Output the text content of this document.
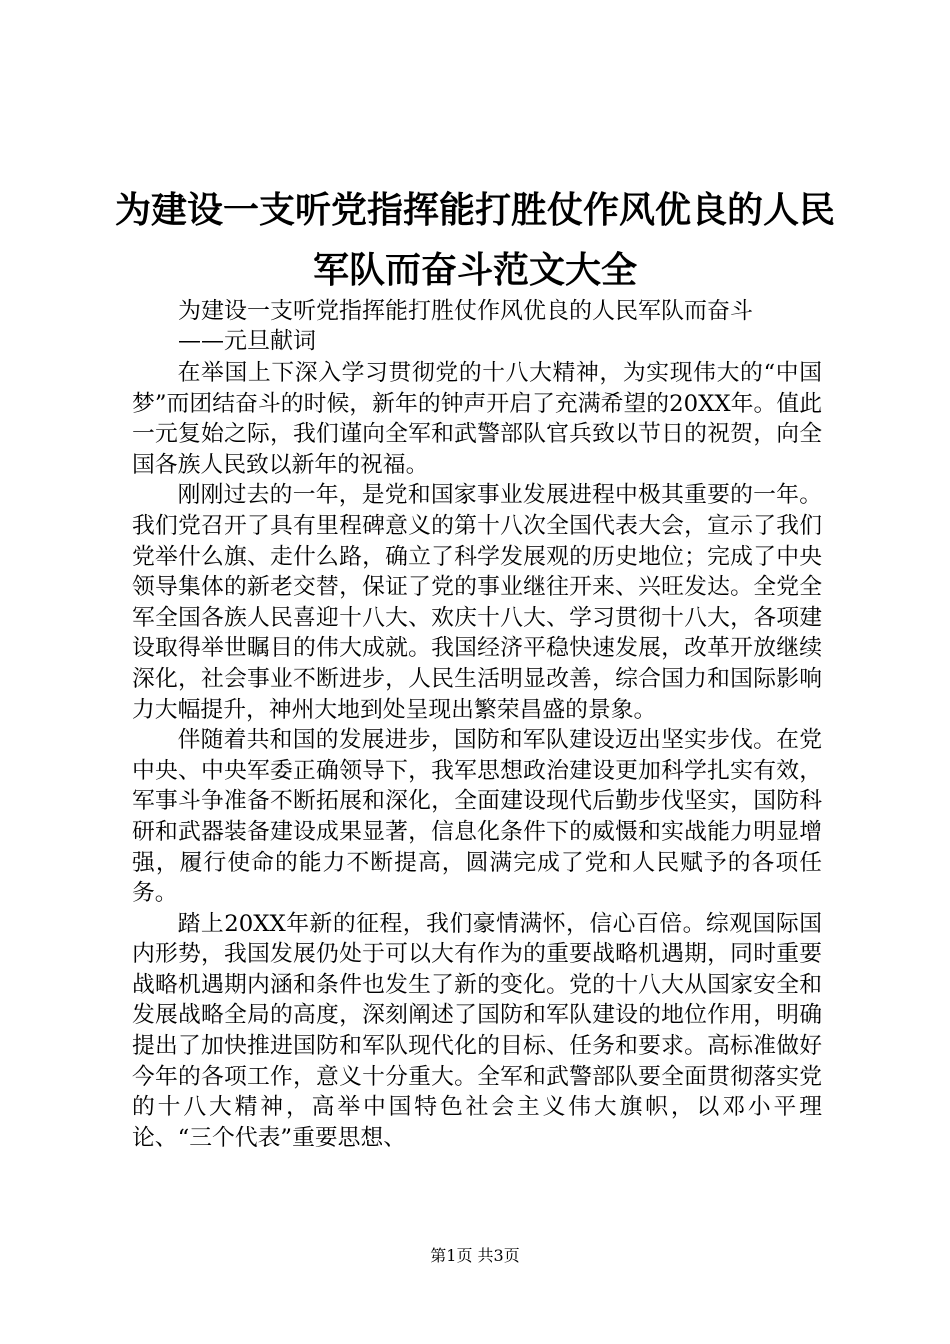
为建设一支听党指挥能打胜仗作风优良的人民
军队而奋斗范文大全
为建设一支听党指挥能打胜仗作风优良的人民军队而奋斗
——元旦献词

在举国上下深入学习贯彻党的十八大精神，为实现伟大的“中国梦”而团结奋斗的时候，新年的钟声开启了充满希望的20XX年。值此一元复始之际，我们谨向全军和武警部队官兵致以节日的祝贺，向全国各族人民致以新年的祝福。

刚刚过去的一年，是党和国家事业发展进程中极其重要的一年。我们党召开了具有里程碑意义的第十八次全国代表大会，宣示了我们党举什么旗、走什么路，确立了科学发展观的历史地位；完成了中央领导集体的新老交替，保证了党的事业继往开来、兴旺发达。全党全军全国各族人民喜迎十八大、欢庆十八大、学习贯彻十八大，各项建设取得举世瞩目的伟大成就。我国经济平稳快速发展，改革开放继续深化，社会事业不断进步，人民生活明显改善，综合国力和国际影响力大幅提升，神州大地到处呈现出繁荣昌盛的景象。

伴随着共和国的发展进步，国防和军队建设迈出坚实步伐。在党中央、中央军委正确领导下，我军思想政治建设更加科学扎实有效，军事斗争准备不断拓展和深化，全面建设现代后勤步伐坚实，国防科研和武器装备建设成果显著，信息化条件下的威慑和实战能力明显增强，履行使命的能力不断提高，圆满完成了党和人民赋予的各项任务。

踏上20XX年新的征程，我们豪情满怀，信心百倍。综观国际国内形势，我国发展仍处于可以大有作为的重要战略机遇期，同时重要战略机遇期内涵和条件也发生了新的变化。党的十八大从国家安全和发展战略全局的高度，深刻阐述了国防和军队建设的地位作用，明确提出了加快推进国防和军队现代化的目标、任务和要求。高标准做好今年的各项工作，意义十分重大。全军和武警部队要全面贯彻落实党的十八大精神，高举中国特色社会主义伟大旗帜，以邓小平理论、“三个代表”重要思想、

第1页 共3页
